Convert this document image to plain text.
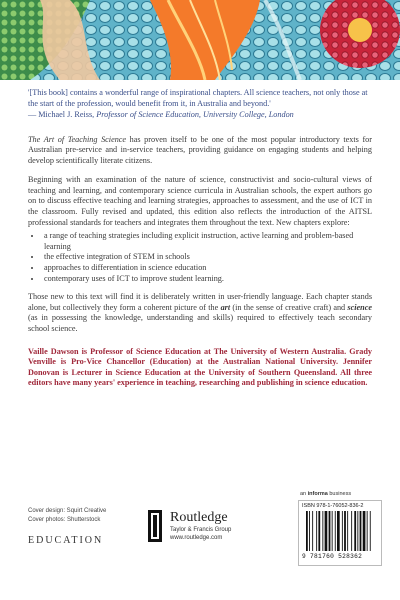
'[This book] contains a wonderful range of inspirational chapters. All science teachers, not only those at the start of the profession, would benefit from it, in Australia and beyond.'
— Michael J. Reiss, Professor of Science Education, University College, London

The Art of Teaching Science has proven itself to be one of the most popular introductory texts for Australian pre-service and in-service teachers, providing guidance on engaging students and helping develop scientifically literate citizens.

Beginning with an examination of the nature of science, constructivist and socio-cultural views of teaching and learning, and contemporary science curricula in Australian schools, the expert authors go on to discuss effective teaching and learning strategies, approaches to assessment, and the use of ICT in the classroom. Fully revised and updated, this edition also reflects the introduction of the AITSL professional standards for teachers and integrates them throughout the text. New chapters explore:

• a range of teaching strategies including explicit instruction, active learning and problem-based learning
• the effective integration of STEM in schools
• approaches to differentiation in science education
• contemporary uses of ICT to improve student learning.

Those new to this text will find it is deliberately written in user-friendly language. Each chapter stands alone, but collectively they form a coherent picture of the art (in the sense of creative craft) and science (as in possessing the knowledge, understanding and skills) required to effectively teach secondary school science.

Vaille Dawson is Professor of Science Education at The University of Western Australia. Grady Venville is Pro-Vice Chancellor (Education) at the Australian National University. Jennifer Donovan is Lecturer in Science Education at the University of Southern Queensland. All three editors have many years' experience in teaching, researching and publishing in science education.

Cover design: Squirt Creative
Cover photos: Shutterstock
EDUCATION
Routledge
Taylor & Francis Group
www.routledge.com
an informa business
ISBN 978-1-76052-836-2
9 781760 528362
